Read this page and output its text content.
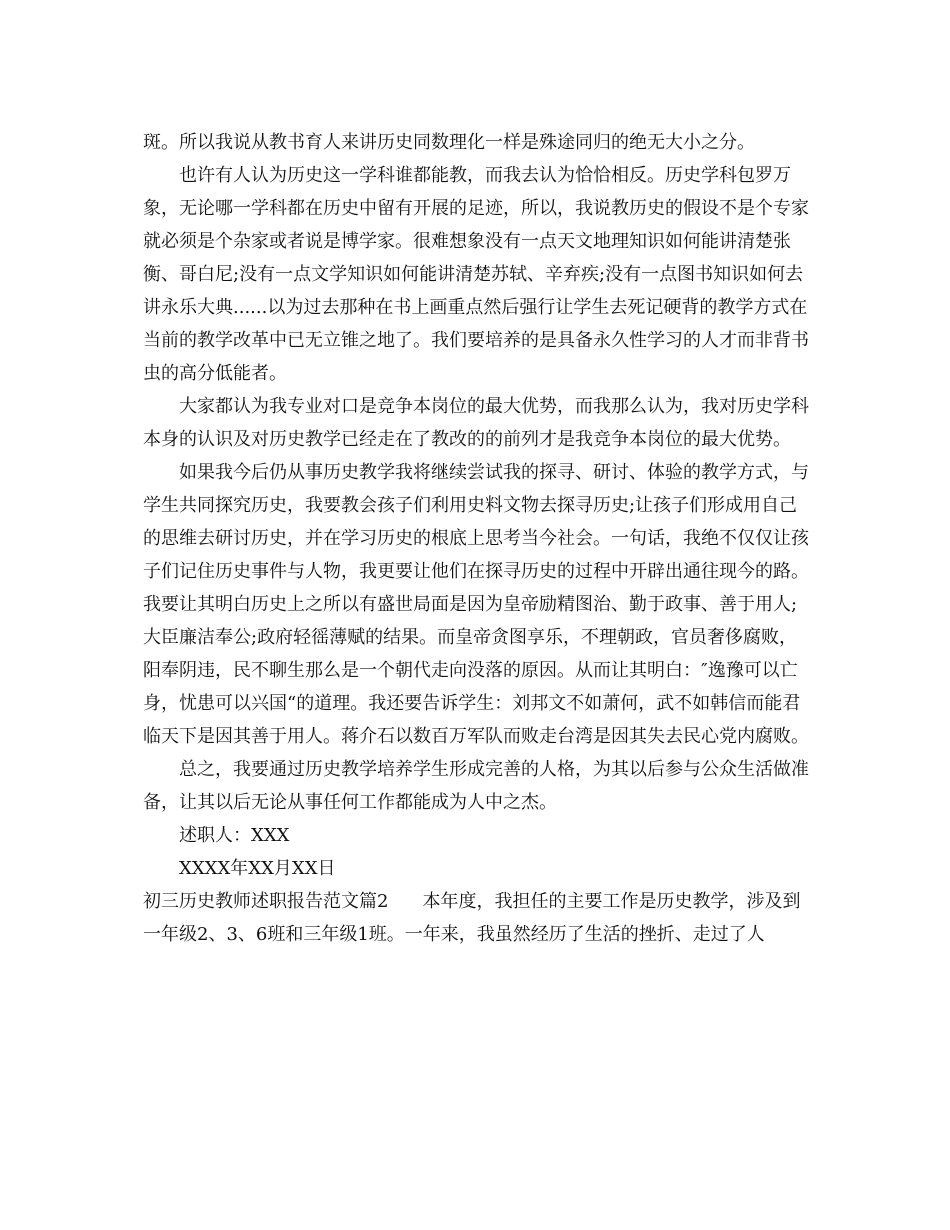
斑。所以我说从教书育人来讲历史同数理化一样是殊途同归的绝无大小之分。

也许有人认为历史这一学科谁都能教，而我去认为恰恰相反。历史学科包罗万象，无论哪一学科都在历史中留有开展的足迹，所以，我说教历史的假设不是个专家就必须是个杂家或者说是博学家。很难想象没有一点天文地理知识如何能讲清楚张衡、哥白尼;没有一点文学知识如何能讲清楚苏轼、辛弃疾;没有一点图书知识如何去讲永乐大典......以为过去那种在书上画重点然后强行让学生去死记硬背的教学方式在当前的教学改革中已无立锥之地了。我们要培养的是具备永久性学习的人才而非背书虫的高分低能者。

大家都认为我专业对口是竞争本岗位的最大优势，而我那么认为，我对历史学科本身的认识及对历史教学已经走在了教改的的前列才是我竞争本岗位的最大优势。

如果我今后仍从事历史教学我将继续尝试我的探寻、研讨、体验的教学方式，与学生共同探究历史，我要教会孩子们利用史料文物去探寻历史;让孩子们形成用自己的思维去研讨历史，并在学习历史的根底上思考当今社会。一句话，我绝不仅仅让孩子们记住历史事件与人物，我更要让他们在探寻历史的过程中开辟出通往现今的路。我要让其明白历史上之所以有盛世局面是因为皇帝励精图治、勤于政事、善于用人;大臣廉洁奉公;政府轻徭薄赋的结果。而皇帝贪图享乐，不理朝政，官员奢侈腐败，阳奉阴违，民不聊生那么是一个朝代走向没落的原因。从而让其明白：″逸豫可以亡身，忧患可以兴国“的道理。我还要告诉学生：刘邦文不如萧何，武不如韩信而能君临天下是因其善于用人。蒋介石以数百万军队而败走台湾是因其失去民心党内腐败。

总之，我要通过历史教学培养学生形成完善的人格，为其以后参与公众生活做准备，让其以后无论从事任何工作都能成为人中之杰。

述职人：XXX

XXXX年XX月XX日

初三历史教师述职报告范文篇2 本年度，我担任的主要工作是历史教学，涉及到一年级2、3、6班和三年级1班。一年来，我虽然经历了生活的挫折、走过了人
